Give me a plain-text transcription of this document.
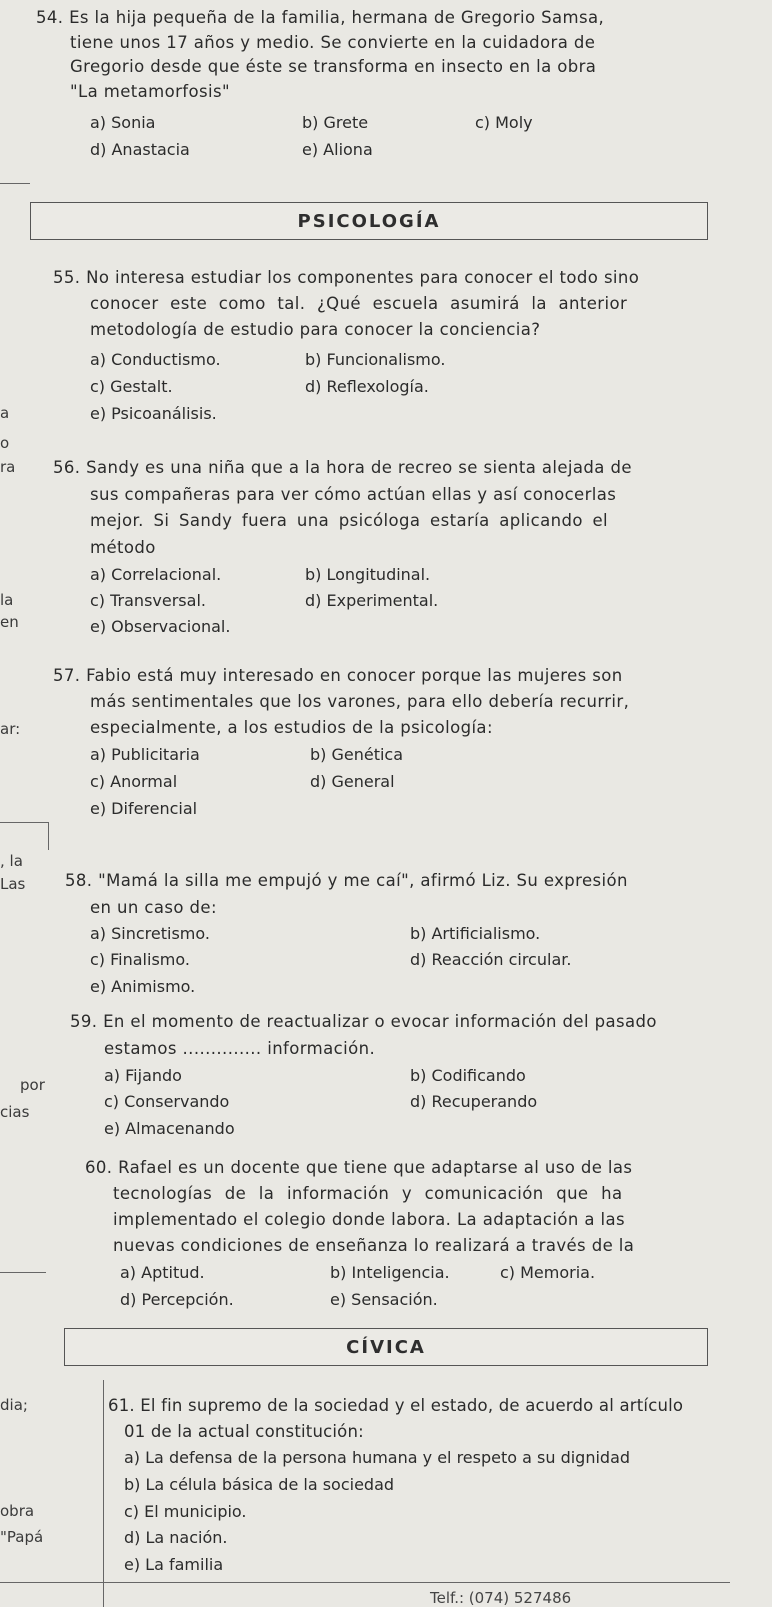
54. Es la hija pequeña de la familia, hermana de Gregorio Samsa,
tiene unos 17 años y medio. Se convierte en la cuidadora de
Gregorio desde que éste se transforma en insecto en la obra
"La metamorfosis"
a) Sonia	b) Grete	c) Moly
d) Anastacia	e) Aliona
PSICOLOGÍA
55. No interesa estudiar los componentes para conocer el todo sino
conocer este como tal. ¿Qué escuela asumirá la anterior
metodología de estudio para conocer la conciencia?
a) Conductismo.	b) Funcionalismo.
c) Gestalt.	d) Reflexología.
e) Psicoanálisis.
a
o
ra 56. Sandy es una niña que a la hora de recreo se sienta alejada de
sus compañeras para ver cómo actúan ellas y así conocerlas
mejor. Si Sandy fuera una psicóloga estaría aplicando el
método
a) Correlacional.	b) Longitudinal.
c) Transversal.	d) Experimental.
e) Observacional.
la
en
57. Fabio está muy interesado en conocer porque las mujeres son
más sentimentales que los varones, para ello debería recurrir,
especialmente, a los estudios de la psicología:
a) Publicitaria	b) Genética
c) Anormal	d) General
e) Diferencial
ar:
, la
Las 58. "Mamá la silla me empujó y me caí", afirmó Liz. Su expresión
en un caso de:
a) Sincretismo.	b) Artificialismo.
c) Finalismo.	d) Reacción circular.
e) Animismo.
59. En el momento de reactualizar o evocar información del pasado
estamos .............. información.
a) Fijando	b) Codificando
c) Conservando	d) Recuperando
e) Almacenando
por
cias
60. Rafael es un docente que tiene que adaptarse al uso de las
tecnologías de la información y comunicación que ha
implementado el colegio donde labora. La adaptación a las
nuevas condiciones de enseñanza lo realizará a través de la
a) Aptitud.	b) Inteligencia.	c) Memoria.
d) Percepción.	e) Sensación.
CÍVICA
61. El fin supremo de la sociedad y el estado, de acuerdo al artículo
01 de la actual constitución:
a) La defensa de la persona humana y el respeto a su dignidad
b) La célula básica de la sociedad
c) El municipio.
d) La nación.
e) La familia
dia;
obra
"Papá
Telf.: (074) 527486
